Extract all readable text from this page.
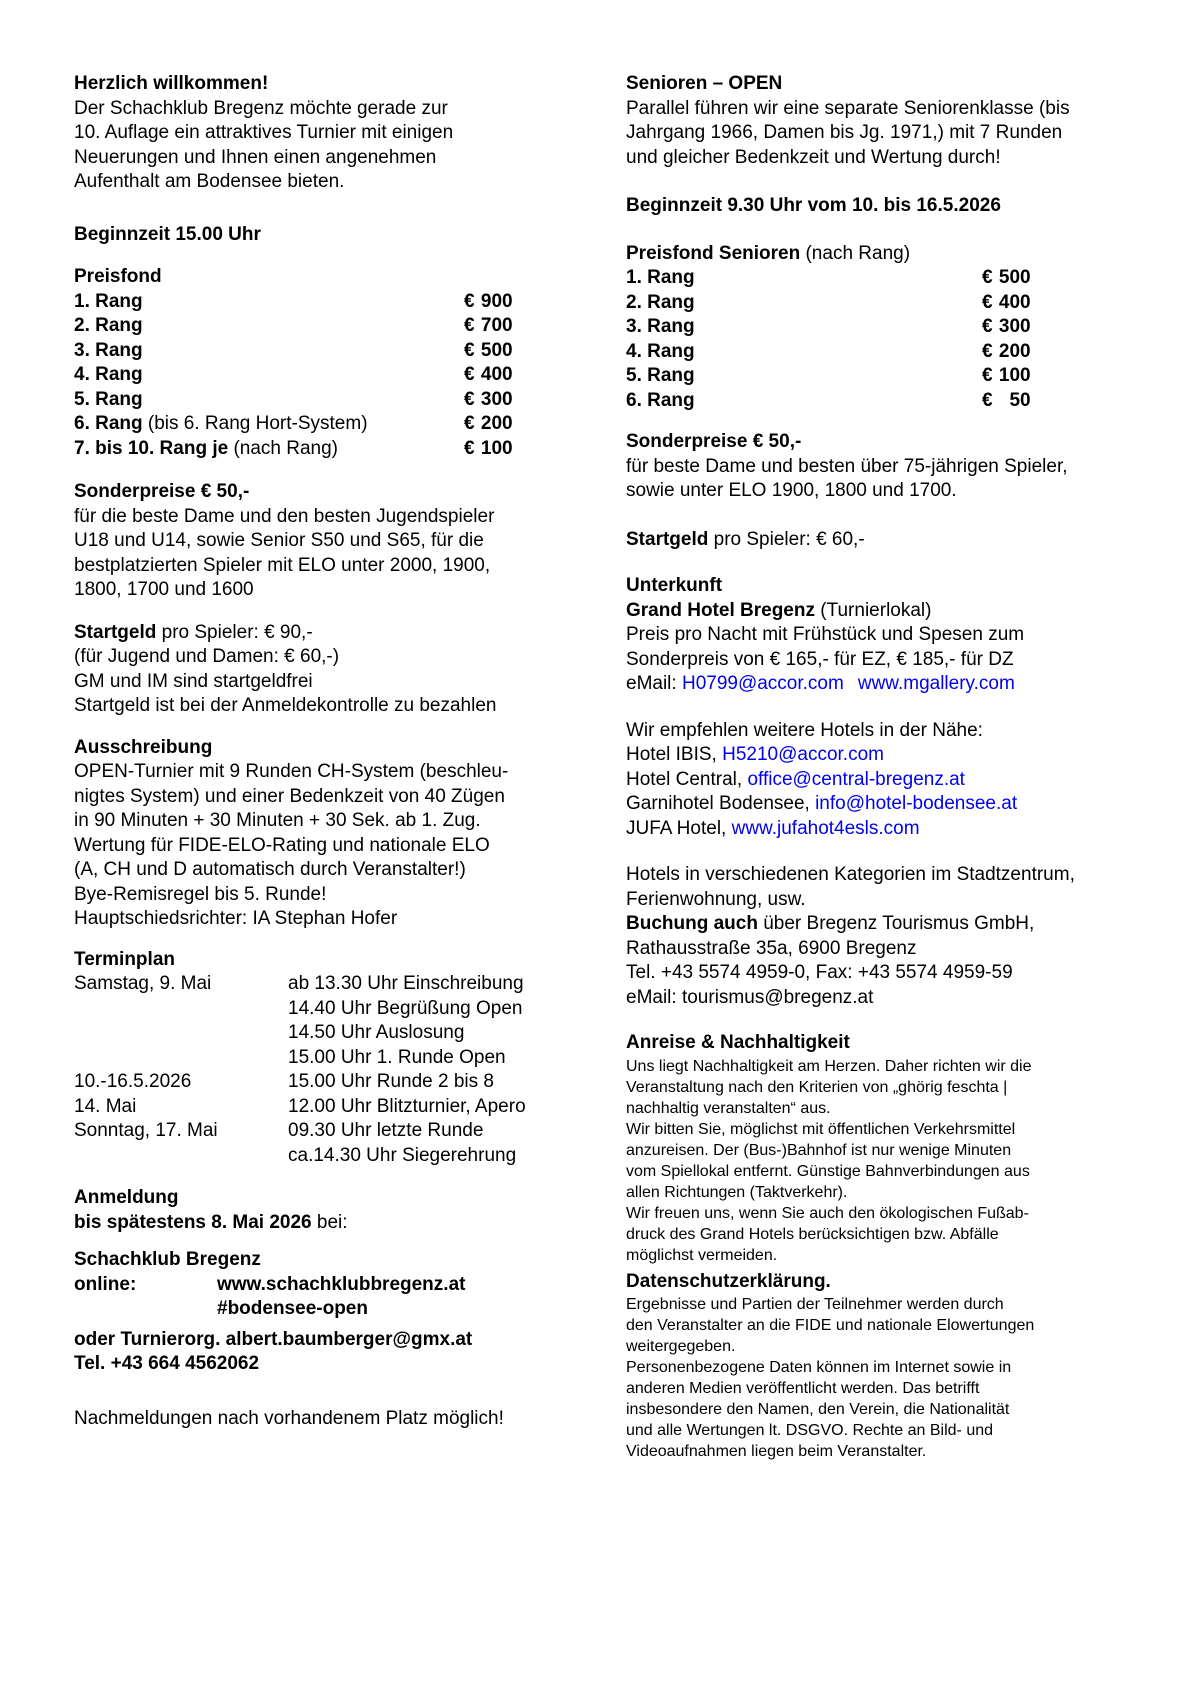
Herzlich willkommen!
Der Schachklub Bregenz möchte gerade zur
10. Auflage ein attraktives Turnier mit einigen
Neuerungen und Ihnen einen angenehmen
Aufenthalt am Bodensee bieten.
Beginnzeit 15.00 Uhr
Preisfond
1. Rang	€ 900
2. Rang	€ 700
3. Rang	€ 500
4. Rang	€ 400
5. Rang	€ 300
6. Rang (bis 6. Rang Hort-System)	€ 200
7. bis 10. Rang je (nach Rang)	€ 100
Sonderpreise € 50,-
für die beste Dame und den besten Jugendspieler
U18 und U14, sowie Senior S50 und S65, für die
bestplatzierten Spieler mit ELO unter 2000, 1900,
1800, 1700 und 1600
Startgeld pro Spieler: € 90,-
(für Jugend und Damen: € 60,-)
GM und IM sind startgeldfrei
Startgeld ist bei der Anmeldekontrolle zu bezahlen
Ausschreibung
OPEN-Turnier mit 9 Runden CH-System (beschleu-
nigtes System) und einer Bedenkzeit von 40 Zügen
in 90 Minuten + 30 Minuten + 30 Sek. ab 1. Zug.
Wertung für FIDE-ELO-Rating und nationale ELO
(A, CH und D automatisch durch Veranstalter!)
Bye-Remisregel bis 5. Runde!
Hauptschiedsrichter: IA Stephan Hofer
Terminplan
Samstag, 9. Mai	ab 13.30 Uhr Einschreibung
14.40 Uhr Begrüßung Open
14.50 Uhr Auslosung
15.00 Uhr 1. Runde Open
10.-16.5.2026	15.00 Uhr Runde 2 bis 8
14. Mai	12.00 Uhr Blitzturnier, Apero
Sonntag, 17. Mai	09.30 Uhr letzte Runde
ca.14.30 Uhr Siegerehrung
Anmeldung
bis spätestens 8. Mai 2026 bei:
Schachklub Bregenz
online:	www.schachklubbregenz.at
#bodensee-open
oder Turnierorg. albert.baumberger@gmx.at
Tel. +43 664 4562062
Nachmeldungen nach vorhandenem Platz möglich!
Senioren – OPEN
Parallel führen wir eine separate Seniorenklasse (bis
Jahrgang 1966, Damen bis Jg. 1971,) mit 7 Runden
und gleicher Bedenkzeit und Wertung durch!
Beginnzeit 9.30 Uhr vom 10. bis 16.5.2026
Preisfond Senioren (nach Rang)
1. Rang	€ 500
2. Rang	€ 400
3. Rang	€ 300
4. Rang	€ 200
5. Rang	€ 100
6. Rang	€ 50
Sonderpreise € 50,-
für beste Dame und besten über 75-jährigen Spieler,
sowie unter ELO 1900, 1800 und 1700.
Startgeld pro Spieler: € 60,-
Unterkunft
Grand Hotel Bregenz (Turnierlokal)
Preis pro Nacht mit Frühstück und Spesen zum
Sonderpreis von € 165,- für EZ, € 185,- für DZ
eMail: H0799@accor.com www.mgallery.com
Wir empfehlen weitere Hotels in der Nähe:
Hotel IBIS, H5210@accor.com
Hotel Central, office@central-bregenz.at
Garnihotel Bodensee, info@hotel-bodensee.at
JUFA Hotel, www.jufahot4esls.com
Hotels in verschiedenen Kategorien im Stadtzentrum,
Ferienwohnung, usw.
Buchung auch über Bregenz Tourismus GmbH,
Rathausstraße 35a, 6900 Bregenz
Tel. +43 5574 4959-0, Fax: +43 5574 4959-59
eMail: tourismus@bregenz.at
Anreise & Nachhaltigkeit
Uns liegt Nachhaltigkeit am Herzen. Daher richten wir die
Veranstaltung nach den Kriterien von „ghörig feschta |
nachhaltig veranstalten“ aus.
Wir bitten Sie, möglichst mit öffentlichen Verkehrsmittel
anzureisen. Der (Bus-)Bahnhof ist nur wenige Minuten
vom Spiellokal entfernt. Günstige Bahnverbindungen aus
allen Richtungen (Taktverkehr).
Wir freuen uns, wenn Sie auch den ökologischen Fußab-
druck des Grand Hotels berücksichtigen bzw. Abfälle
möglichst vermeiden.
Datenschutzerklärung.
Ergebnisse und Partien der Teilnehmer werden durch
den Veranstalter an die FIDE und nationale Elowertungen
weitergegeben.
Personenbezogene Daten können im Internet sowie in
anderen Medien veröffentlicht werden. Das betrifft
insbesondere den Namen, den Verein, die Nationalität
und alle Wertungen lt. DSGVO. Rechte an Bild- und
Videoaufnahmen liegen beim Veranstalter.
